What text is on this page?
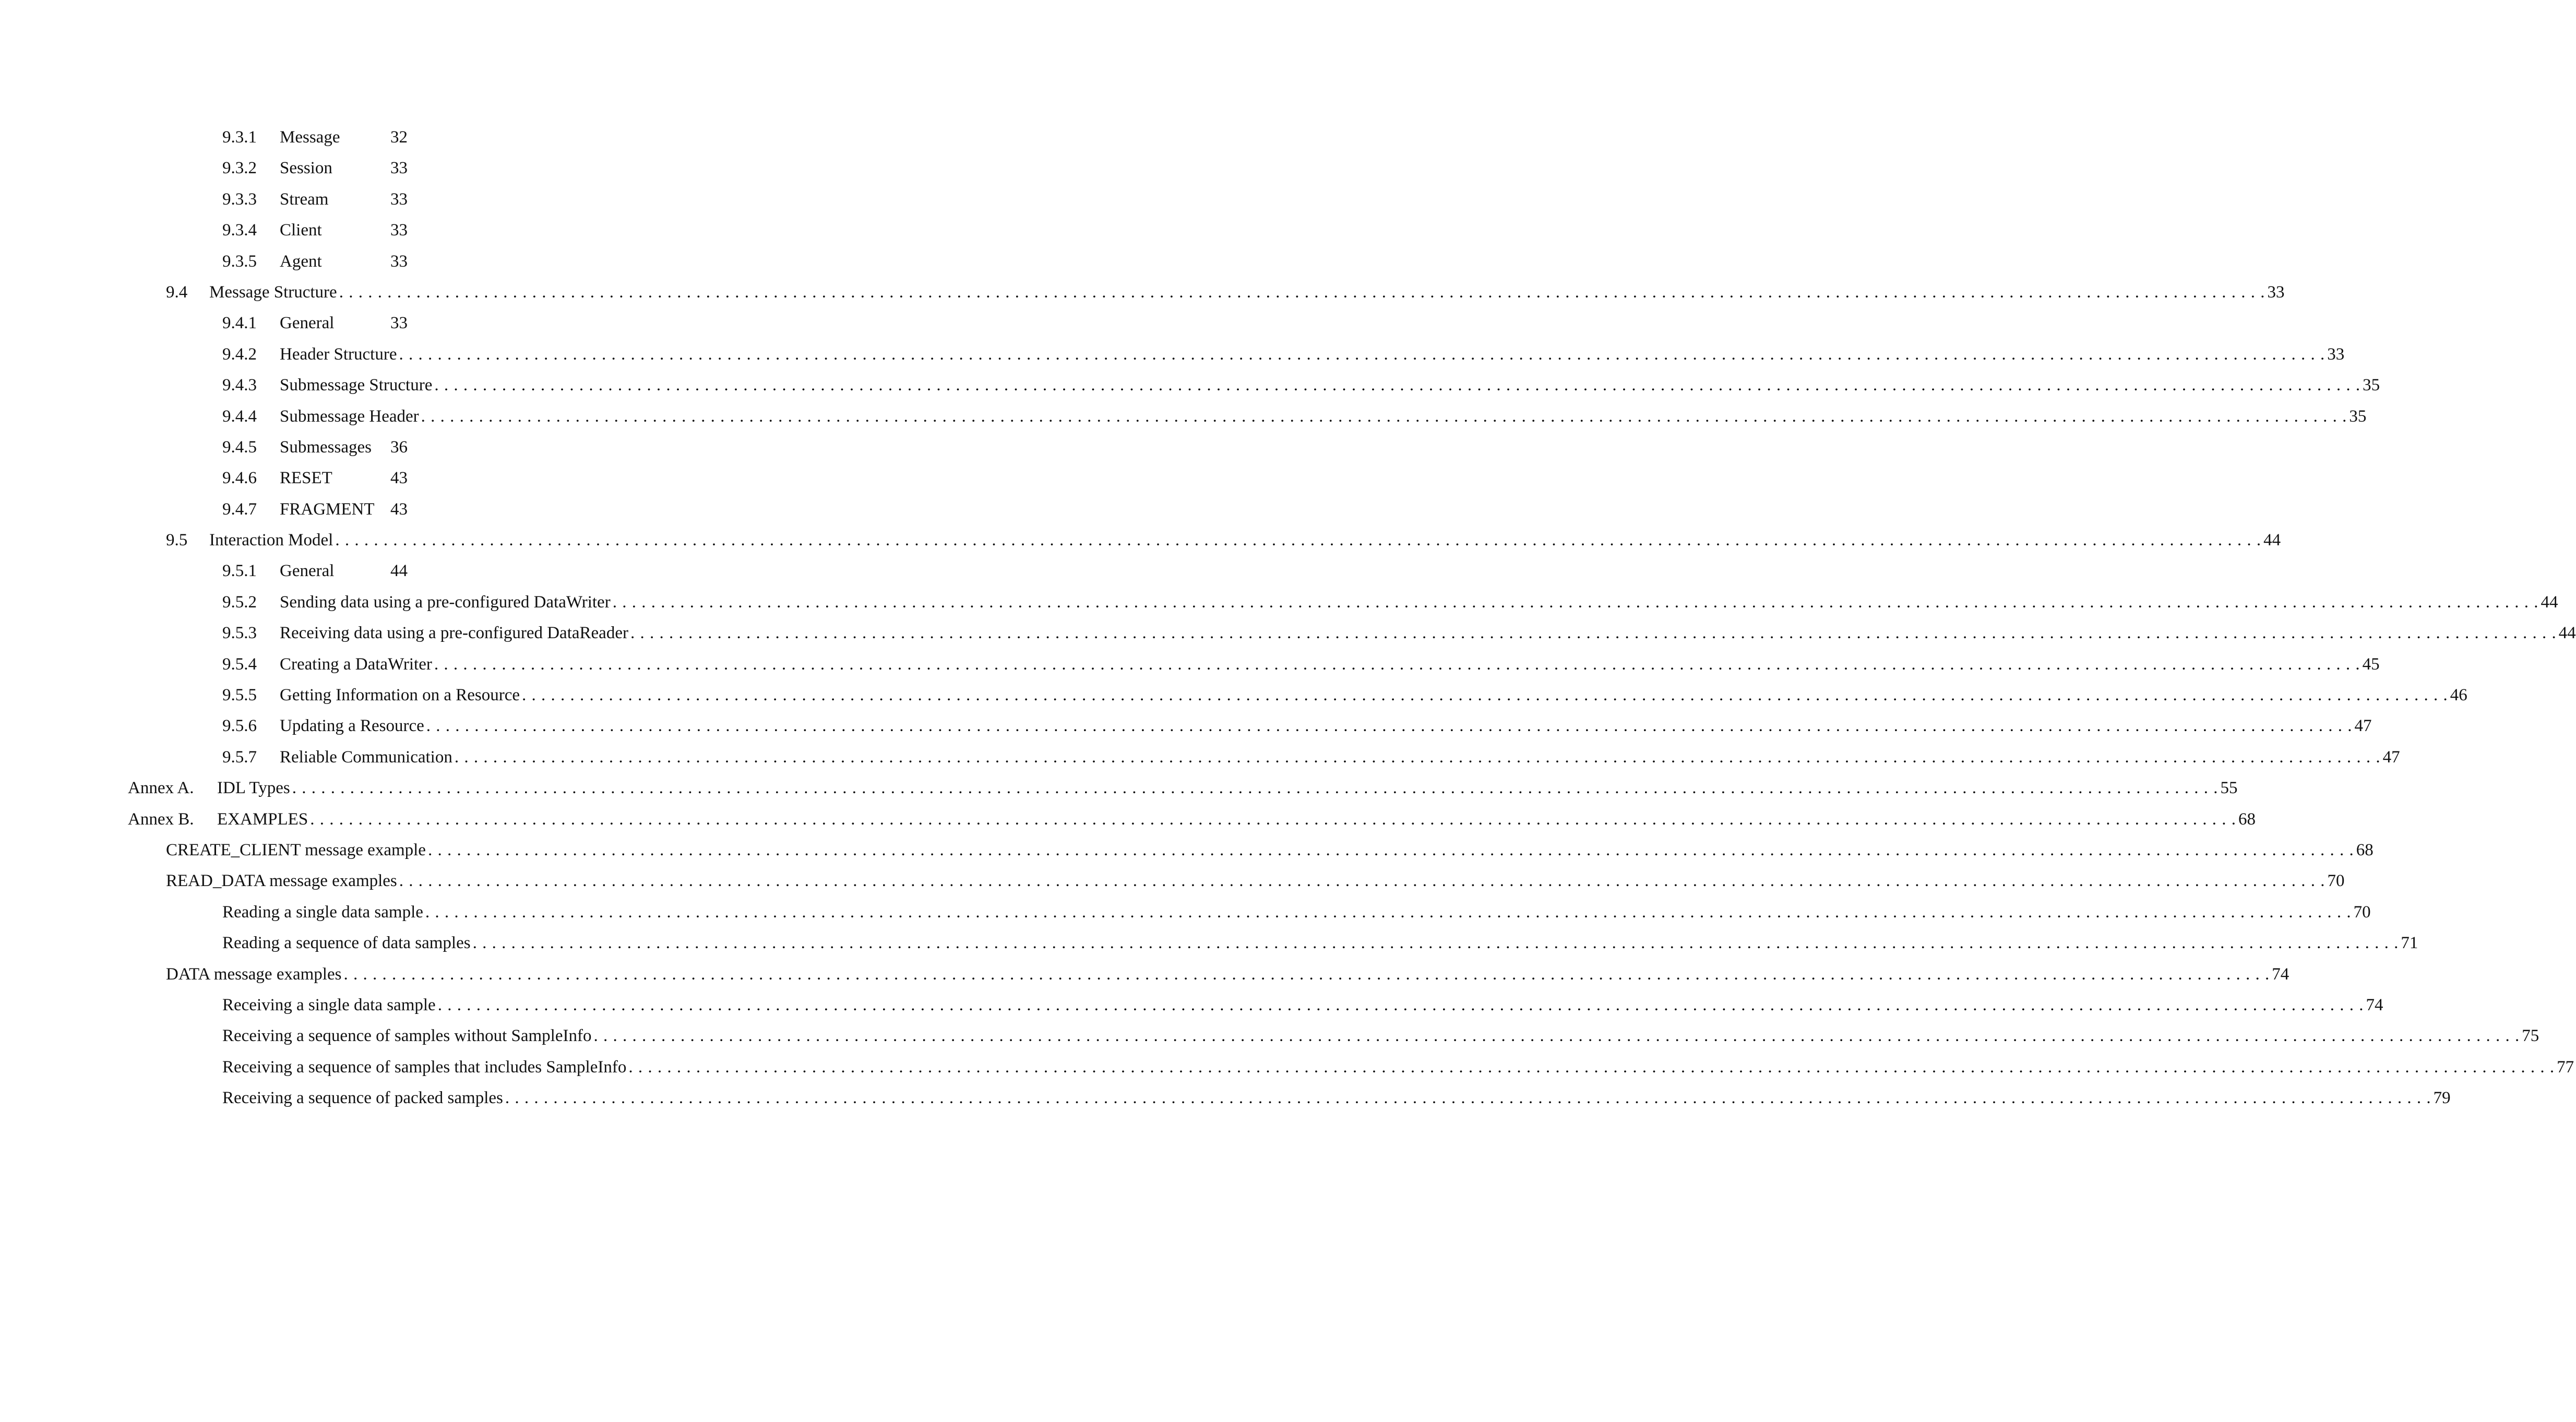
9.3.1 Message	32
9.3.2 Session	33
9.3.3 Stream	33
9.3.4 Client	33
9.3.5 Agent	33
9.4 Message Structure . . . . . . . . . . . . . . . . . . . . . . . . . . . . . . . . . . . . . . . . . . . . . . . . . . . . . . . . . . . . . . . . . . . . . . . . . . . . . . . . . . . . . . . . . . . . . . . . . . . . . . . . . . . . . . . . . . . . . . . . . . . . . . . . . . . . . . . . . . . . . . . . . . . . . . . . . . . . . . . . . . . . . . . . . . . . . . . . . . . . . . . . . . . . . . . . . . . . . . . . 33
9.4.1 General	33
9.4.2 Header Structure . . . . . . . . . . . . . . . . . . . . . . . . . . . . . . . . . . . . . . . . . . . . . . . . . . . . . . . . . . . . . . . . . . . . . . . . . . . . . . . . . . . . . . . . . . . . . . . . . . . . . . . . . . . . . . . . . . . . . . . . . . . . . . . . . . . . . . . . . . . . . . . . . . . . . . . . . . . . . . . . . . . . . . . . . . . . . . . . . . . . . . . . . . . . . . . . . . . . . . . . 33
9.4.3 Submessage Structure . . . . . . . . . . . . . . . . . . . . . . . . . . . . . . . . . . . . . . . . . . . . . . . . . . . . . . . . . . . . . . . . . . . . . . . . . . . . . . . . . . . . . . . . . . . . . . . . . . . . . . . . . . . . . . . . . . . . . . . . . . . . . . . . . . . . . . . . . . . . . . . . . . . . . . . . . . . . . . . . . . . . . . . . . . . . . . . . . . . . . . . . . . . . . . . . . . . . . . . . 35
9.4.4 Submessage Header . . . . . . . . . . . . . . . . . . . . . . . . . . . . . . . . . . . . . . . . . . . . . . . . . . . . . . . . . . . . . . . . . . . . . . . . . . . . . . . . . . . . . . . . . . . . . . . . . . . . . . . . . . . . . . . . . . . . . . . . . . . . . . . . . . . . . . . . . . . . . . . . . . . . . . . . . . . . . . . . . . . . . . . . . . . . . . . . . . . . . . . . . . . . . . . . . . . . . . . . 35
9.4.5 Submessages 36
9.4.6 RESET	43
9.4.7 FRAGMENT 43
9.5 Interaction Model . . . . . . . . . . . . . . . . . . . . . . . . . . . . . . . . . . . . . . . . . . . . . . . . . . . . . . . . . . . . . . . . . . . . . . . . . . . . . . . . . . . . . . . . . . . . . . . . . . . . . . . . . . . . . . . . . . . . . . . . . . . . . . . . . . . . . . . . . . . . . . . . . . . . . . . . . . . . . . . . . . . . . . . . . . . . . . . . . . . . . . . . . . . . . . . . . . . . . . . . 44
9.5.1 General	44
9.5.2 Sending data using a pre-configured DataWriter . . . . . . . . . . . . . . . . . . . . . . . . . . . . . . . . . . . . . . . . . . . . . . . . . . . . . . . . . . . . . . . . . . . . . . . . . . . . . . . . . . . . . . . . . . . . . . . . . . . . . . . . . . . . . . . . . . . . . . . . . . . . . . . . . . . . . . . . . . . . . . . . . . . . . . . . . . . . . . . . . . . . . . . . . . . . . . . . . . . . . . . . . . . . . . . . . . . . . . . . 44
9.5.3 Receiving data using a pre-configured DataReader . . . . . . . . . . . . . . . . . . . . . . . . . . . . . . . . . . . . . . . . . . . . . . . . . . . . . . . . . . . . . . . . . . . . . . . . . . . . . . . . . . . . . . . . . . . . . . . . . . . . . . . . . . . . . . . . . . . . . . . . . . . . . . . . . . . . . . . . . . . . . . . . . . . . . . . . . . . . . . . . . . . . . . . . . . . . . . . . . . . . . . . . . . . . . . . . . . . . . . . . 44
9.5.4 Creating a DataWriter . . . . . . . . . . . . . . . . . . . . . . . . . . . . . . . . . . . . . . . . . . . . . . . . . . . . . . . . . . . . . . . . . . . . . . . . . . . . . . . . . . . . . . . . . . . . . . . . . . . . . . . . . . . . . . . . . . . . . . . . . . . . . . . . . . . . . . . . . . . . . . . . . . . . . . . . . . . . . . . . . . . . . . . . . . . . . . . . . . . . . . . . . . . . . . . . . . . . . . . . 45
9.5.5 Getting Information on a Resource . . . . . . . . . . . . . . . . . . . . . . . . . . . . . . . . . . . . . . . . . . . . . . . . . . . . . . . . . . . . . . . . . . . . . . . . . . . . . . . . . . . . . . . . . . . . . . . . . . . . . . . . . . . . . . . . . . . . . . . . . . . . . . . . . . . . . . . . . . . . . . . . . . . . . . . . . . . . . . . . . . . . . . . . . . . . . . . . . . . . . . . . . . . . . . . . . . . . . . . . 46
9.5.6 Updating a Resource . . . . . . . . . . . . . . . . . . . . . . . . . . . . . . . . . . . . . . . . . . . . . . . . . . . . . . . . . . . . . . . . . . . . . . . . . . . . . . . . . . . . . . . . . . . . . . . . . . . . . . . . . . . . . . . . . . . . . . . . . . . . . . . . . . . . . . . . . . . . . . . . . . . . . . . . . . . . . . . . . . . . . . . . . . . . . . . . . . . . . . . . . . . . . . . . . . . . . . . . 47
9.5.7 Reliable Communication . . . . . . . . . . . . . . . . . . . . . . . . . . . . . . . . . . . . . . . . . . . . . . . . . . . . . . . . . . . . . . . . . . . . . . . . . . . . . . . . . . . . . . . . . . . . . . . . . . . . . . . . . . . . . . . . . . . . . . . . . . . . . . . . . . . . . . . . . . . . . . . . . . . . . . . . . . . . . . . . . . . . . . . . . . . . . . . . . . . . . . . . . . . . . . . . . . . . . . . . 47
Annex A. IDL Types . . . . . . . . . . . . . . . . . . . . . . . . . . . . . . . . . . . . . . . . . . . . . . . . . . . . . . . . . . . . . . . . . . . . . . . . . . . . . . . . . . . . . . . . . . . . . . . . . . . . . . . . . . . . . . . . . . . . . . . . . . . . . . . . . . . . . . . . . . . . . . . . . . . . . . . . . . . . . . . . . . . . . . . . . . . . . . . . . . . . . . . . . . . . . . . . . . . . . . . . 55
Annex B. EXAMPLES . . . . . . . . . . . . . . . . . . . . . . . . . . . . . . . . . . . . . . . . . . . . . . . . . . . . . . . . . . . . . . . . . . . . . . . . . . . . . . . . . . . . . . . . . . . . . . . . . . . . . . . . . . . . . . . . . . . . . . . . . . . . . . . . . . . . . . . . . . . . . . . . . . . . . . . . . . . . . . . . . . . . . . . . . . . . . . . . . . . . . . . . . . . . . . . . . . . . . . . . 68
CREATE_CLIENT message example . . . . . . . . . . . . . . . . . . . . . . . . . . . . . . . . . . . . . . . . . . . . . . . . . . . . . . . . . . . . . . . . . . . . . . . . . . . . . . . . . . . . . . . . . . . . . . . . . . . . . . . . . . . . . . . . . . . . . . . . . . . . . . . . . . . . . . . . . . . . . . . . . . . . . . . . . . . . . . . . . . . . . . . . . . . . . . . . . . . . . . . . . . . . . . . . . . . . . . . . 68
READ_DATA message examples . . . . . . . . . . . . . . . . . . . . . . . . . . . . . . . . . . . . . . . . . . . . . . . . . . . . . . . . . . . . . . . . . . . . . . . . . . . . . . . . . . . . . . . . . . . . . . . . . . . . . . . . . . . . . . . . . . . . . . . . . . . . . . . . . . . . . . . . . . . . . . . . . . . . . . . . . . . . . . . . . . . . . . . . . . . . . . . . . . . . . . . . . . . . . . . . . . . . . . . . 70
Reading a single data sample . . . . . . . . . . . . . . . . . . . . . . . . . . . . . . . . . . . . . . . . . . . . . . . . . . . . . . . . . . . . . . . . . . . . . . . . . . . . . . . . . . . . . . . . . . . . . . . . . . . . . . . . . . . . . . . . . . . . . . . . . . . . . . . . . . . . . . . . . . . . . . . . . . . . . . . . . . . . . . . . . . . . . . . . . . . . . . . . . . . . . . . . . . . . . . . . . . . . . . . . 70
Reading a sequence of data samples . . . . . . . . . . . . . . . . . . . . . . . . . . . . . . . . . . . . . . . . . . . . . . . . . . . . . . . . . . . . . . . . . . . . . . . . . . . . . . . . . . . . . . . . . . . . . . . . . . . . . . . . . . . . . . . . . . . . . . . . . . . . . . . . . . . . . . . . . . . . . . . . . . . . . . . . . . . . . . . . . . . . . . . . . . . . . . . . . . . . . . . . . . . . . . . . . . . . . . . . 71
DATA message examples . . . . . . . . . . . . . . . . . . . . . . . . . . . . . . . . . . . . . . . . . . . . . . . . . . . . . . . . . . . . . . . . . . . . . . . . . . . . . . . . . . . . . . . . . . . . . . . . . . . . . . . . . . . . . . . . . . . . . . . . . . . . . . . . . . . . . . . . . . . . . . . . . . . . . . . . . . . . . . . . . . . . . . . . . . . . . . . . . . . . . . . . . . . . . . . . . . . . . . . . 74
Receiving a single data sample . . . . . . . . . . . . . . . . . . . . . . . . . . . . . . . . . . . . . . . . . . . . . . . . . . . . . . . . . . . . . . . . . . . . . . . . . . . . . . . . . . . . . . . . . . . . . . . . . . . . . . . . . . . . . . . . . . . . . . . . . . . . . . . . . . . . . . . . . . . . . . . . . . . . . . . . . . . . . . . . . . . . . . . . . . . . . . . . . . . . . . . . . . . . . . . . . . . . . . . . 74
Receiving a sequence of samples without SampleInfo . . . . . . . . . . . . . . . . . . . . . . . . . . . . . . . . . . . . . . . . . . . . . . . . . . . . . . . . . . . . . . . . . . . . . . . . . . . . . . . . . . . . . . . . . . . . . . . . . . . . . . . . . . . . . . . . . . . . . . . . . . . . . . . . . . . . . . . . . . . . . . . . . . . . . . . . . . . . . . . . . . . . . . . . . . . . . . . . . . . . . . . . . . . . . . . . . . . . . . . . 75
Receiving a sequence of samples that includes SampleInfo . . . . . . . . . . . . . . . . . . . . . . . . . . . . . . . . . . . . . . . . . . . . . . . . . . . . . . . . . . . . . . . . . . . . . . . . . . . . . . . . . . . . . . . . . . . . . . . . . . . . . . . . . . . . . . . . . . . . . . . . . . . . . . . . . . . . . . . . . . . . . . . . . . . . . . . . . . . . . . . . . . . . . . . . . . . . . . . . . . . . . . . . . . . . . . . . . . . . . . . . 77
Receiving a sequence of packed samples . . . . . . . . . . . . . . . . . . . . . . . . . . . . . . . . . . . . . . . . . . . . . . . . . . . . . . . . . . . . . . . . . . . . . . . . . . . . . . . . . . . . . . . . . . . . . . . . . . . . . . . . . . . . . . . . . . . . . . . . . . . . . . . . . . . . . . . . . . . . . . . . . . . . . . . . . . . . . . . . . . . . . . . . . . . . . . . . . . . . . . . . . . . . . . . . . . . . . . . . 79
